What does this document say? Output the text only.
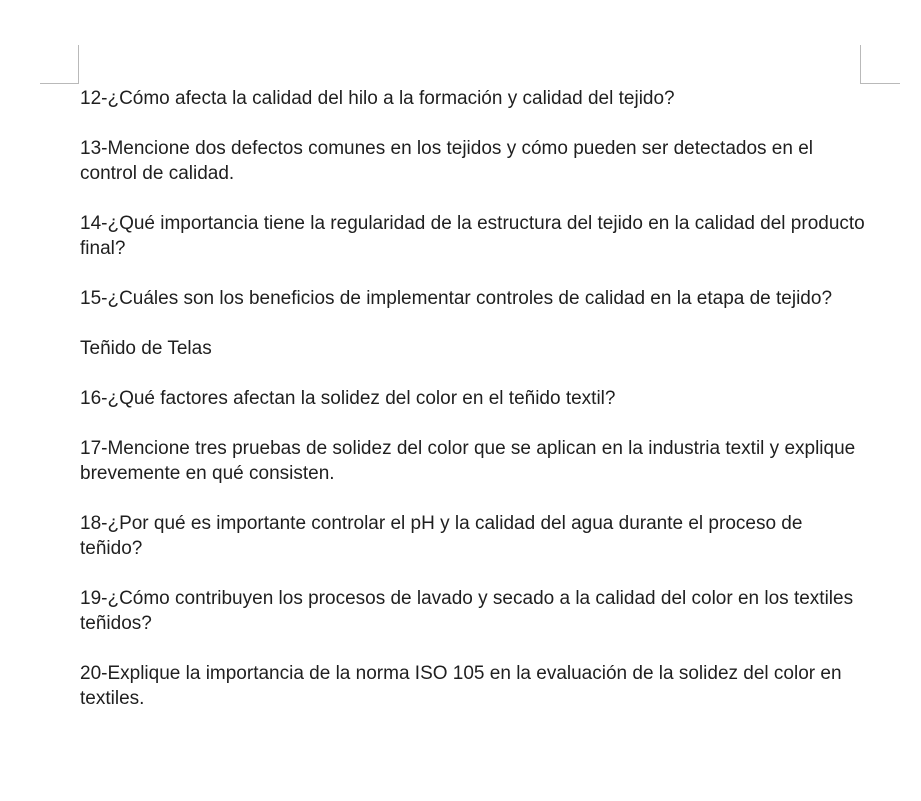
12-¿Cómo afecta la calidad del hilo a la formación y calidad del tejido?

13-Mencione dos defectos comunes en los tejidos y cómo pueden ser detectados en el control de calidad.

14-¿Qué importancia tiene la regularidad de la estructura del tejido en la calidad del producto final?

15-¿Cuáles son los beneficios de implementar controles de calidad en la etapa de tejido?

Teñido de Telas

16-¿Qué factores afectan la solidez del color en el teñido textil?

17-Mencione tres pruebas de solidez del color que se aplican en la industria textil y explique brevemente en qué consisten.

18-¿Por qué es importante controlar el pH y la calidad del agua durante el proceso de teñido?

19-¿Cómo contribuyen los procesos de lavado y secado a la calidad del color en los textiles teñidos?

20-Explique la importancia de la norma ISO 105 en la evaluación de la solidez del color en textiles.
